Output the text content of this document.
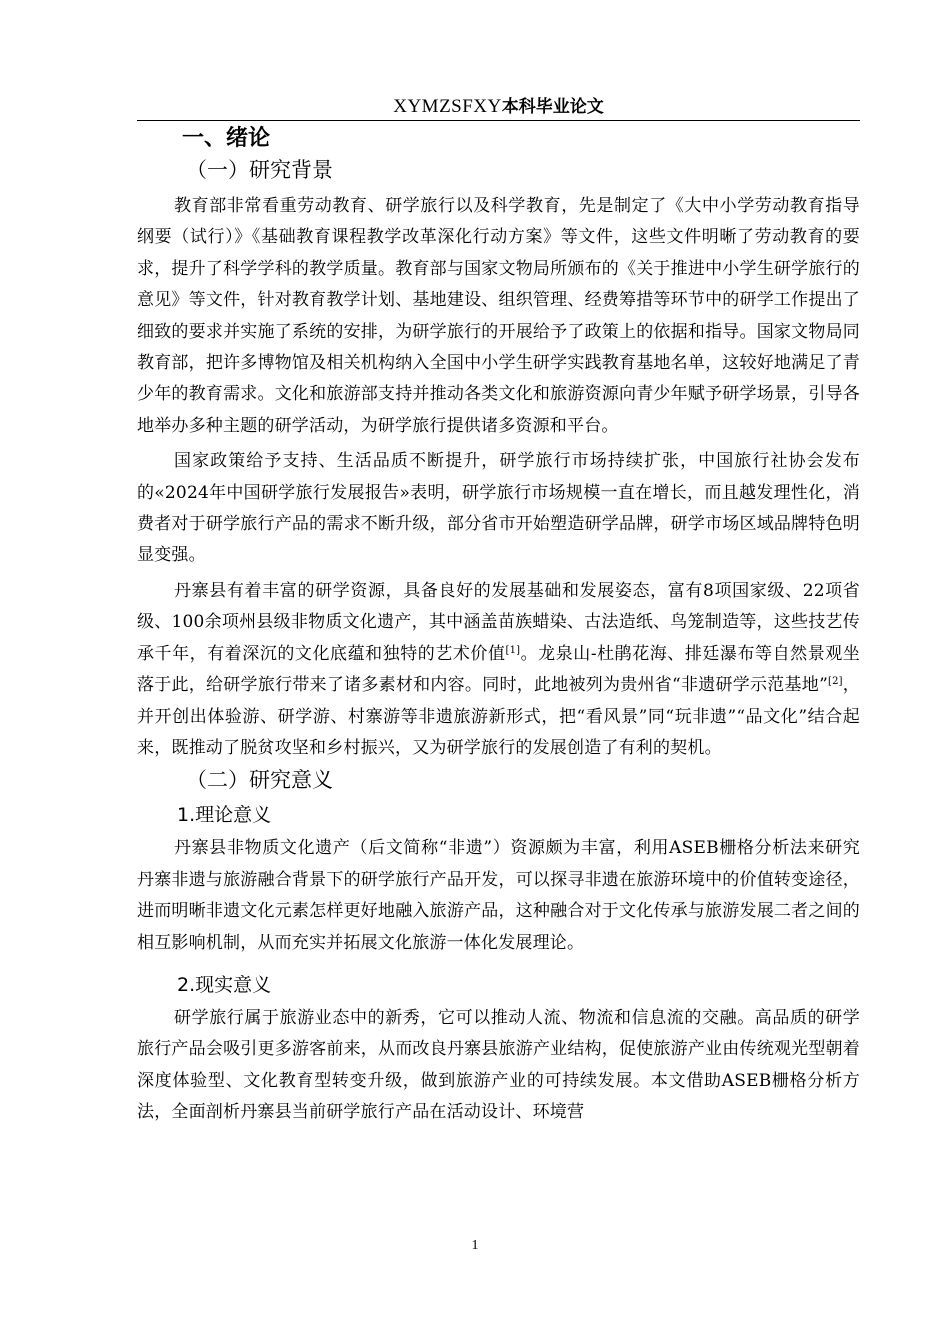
XYMZSFXY本科毕业论文
一、绪论
（一）研究背景

教育部非常看重劳动教育、研学旅行以及科学教育，先是制定了《大中小学劳动教育指导纲要（试行）》《基础教育课程教学改革深化行动方案》等文件，这些文件明晰了劳动教育的要求，提升了科学学科的教学质量。教育部与国家文物局所颁布的《关于推进中小学生研学旅行的意见》等文件，针对教育教学计划、基地建设、组织管理、经费筹措等环节中的研学工作提出了细致的要求并实施了系统的安排，为研学旅行的开展给予了政策上的依据和指导。国家文物局同教育部，把许多博物馆及相关机构纳入全国中小学生研学实践教育基地名单，这较好地满足了青少年的教育需求。文化和旅游部支持并推动各类文化和旅游资源向青少年赋予研学场景，引导各地举办多种主题的研学活动，为研学旅行提供诸多资源和平台。

国家政策给予支持、生活品质不断提升，研学旅行市场持续扩张，中国旅行社协会发布的«2024年中国研学旅行发展报告»表明，研学旅行市场规模一直在增长，而且越发理性化，消费者对于研学旅行产品的需求不断升级，部分省市开始塑造研学品牌，研学市场区域品牌特色明显变强。

丹寨县有着丰富的研学资源，具备良好的发展基础和发展姿态，富有8项国家级、22项省级、100余项州县级非物质文化遗产，其中涵盖苗族蜡染、古法造纸、鸟笼制造等，这些技艺传承千年，有着深沉的文化底蕴和独特的艺术价值[1]。龙泉山-杜鹃花海、排廷瀑布等自然景观坐落于此，给研学旅行带来了诸多素材和内容。同时，此地被列为贵州省“非遗研学示范基地”[2]，并开创出体验游、研学游、村寨游等非遗旅游新形式，把“看风景”同“玩非遗”“品文化”结合起来，既推动了脱贫攻坚和乡村振兴，又为研学旅行的发展创造了有利的契机。

（二）研究意义
1.理论意义

丹寨县非物质文化遗产（后文简称“非遗”）资源颇为丰富，利用ASEB栅格分析法来研究丹寨非遗与旅游融合背景下的研学旅行产品开发，可以探寻非遗在旅游环境中的价值转变途径，进而明晰非遗文化元素怎样更好地融入旅游产品，这种融合对于文化传承与旅游发展二者之间的相互影响机制，从而充实并拓展文化旅游一体化发展理论。

2.现实意义

研学旅行属于旅游业态中的新秀，它可以推动人流、物流和信息流的交融。高品质的研学旅行产品会吸引更多游客前来，从而改良丹寨县旅游产业结构，促使旅游产业由传统观光型朝着深度体验型、文化教育型转变升级，做到旅游产业的可持续发展。本文借助ASEB栅格分析方法，全面剖析丹寨县当前研学旅行产品在活动设计、环境营

1
